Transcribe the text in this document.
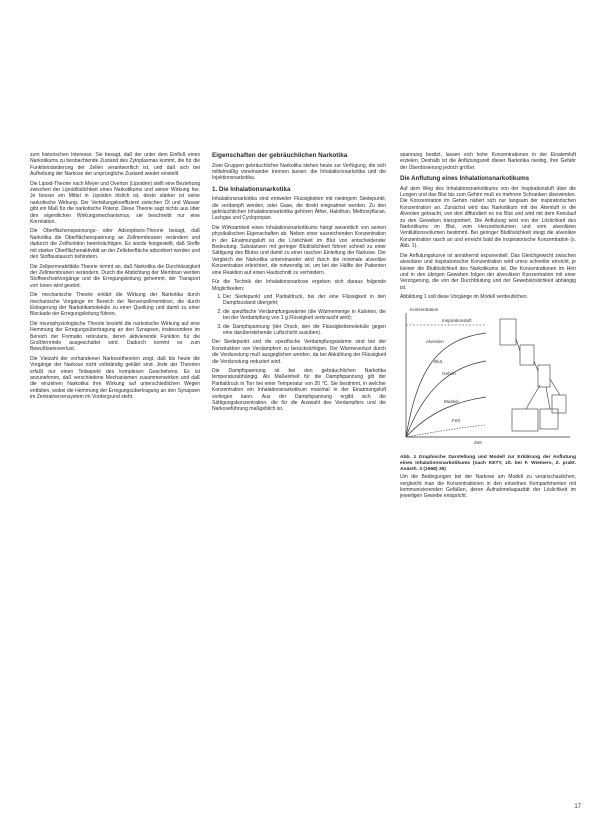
zum historischen Interesse. Sie besagt, daß der unter dem Einfluß eines Narkotikums zu beobachtende Zustand des Zytoplasmas kommt, die für die Funktionsänderung der Zellen verantwortlich ist, und daß sich bei Aufhebung der Narkose der ursprüngliche Zustand wieder einstellt.

Die Lipoid-Theorie nach Meyer und Overton (Lipoiden) stellt eine Beziehung zwischen der Lipoidlöslichkeit eines Narkotikums und seiner Wirkung her. Je besser ein Mittel in Lipoiden löslich ist, desto stärker ist seine narkotische Wirkung. Der Verteilungskoeffizient zwischen Öl und Wasser gibt ein Maß für die narkotische Potenz. Diese Theorie sagt nichts aus über den eigentlichen Wirkungsmechanismus, sie beschreibt nur eine Korrelation.

Die Oberflächenspannungs- oder Adsorptions-Theorie besagt, daß Narkotika die Oberflächenspannung an Zellmembranen verändern und dadurch die Zellfunktion beeinträchtigen. Es wurde festgestellt, daß Stoffe mit starker Oberflächenaktivität an der Zelloberfläche adsorbiert werden und den Stoffaustausch behindern.

Die Zellpermeabilitäts-Theorie nimmt an, daß Narkotika die Durchlässigkeit der Zellmembranen verändern. Durch die Abdichtung der Membran werden Stoffwechselvorgänge und die Erregungsleitung gehemmt, der Transport von Ionen wird gestört.

Die mechanische Theorie erklärt die Wirkung der Narkotika durch mechanische Vorgänge im Bereich der Nervenzellmembran, die durch Einlagerung der Narkotikamoleküle zu einer Quellung und damit zu einer Blockade der Erregungsleitung führen.

Die neurophysiologische Theorie bezieht die narkotische Wirkung auf eine Hemmung der Erregungsübertragung an den Synapsen, insbesondere im Bereich der Formatio reticularis, deren aktivierende Funktion für die Großhirnrinde ausgeschaltet wird. Dadurch kommt es zum Bewußtseinsverlust.

Die Vielzahl der vorhandenen Narkosetheorien zeigt, daß bis heute die Vorgänge der Narkose nicht vollständig geklärt sind. Jede der Theorien erfaßt nur einen Teilaspekt des komplexen Geschehens. Es ist anzunehmen, daß verschiedene Mechanismen zusammenwirken und daß die einzelnen Narkotika ihre Wirkung auf unterschiedlichen Wegen entfalten, wobei die Hemmung der Erregungsübertragung an den Synapsen im Zentralnervensystem im Vordergrund steht.

Eigenschaften der gebräuchlichen Narkotika

Zwei Gruppen gebräuchlicher Narkotika stehen heute zur Verfügung, die sich mittelmäßig voneinander trennen lassen: die Inhalationsnarkotika und die Injektionsnarkotika.

1. Die Inhalationsnarkotika

Inhalationsnarkotika sind entweder Flüssigkeiten mit niedrigem Siedepunkt, die verdampft werden, oder Gase, die direkt eingeatmet werden. Zu den gebräuchlichen Inhalationsnarkotika gehören Äther, Halothan, Methoxyfluran, Lachgas und Cyclopropan.

Die Wirksamkeit eines Inhalationsnarkotikums hängt wesentlich von seinen physikalischen Eigenschaften ab. Neben einer ausreichenden Konzentration in der Einatmungsluft ist die Löslichkeit im Blut von entscheidender Bedeutung. Substanzen mit geringer Blutlöslichkeit führen schnell zu einer Sättigung des Blutes und damit zu einer raschen Einleitung der Narkose. Der Vergleich der Narkotika untereinander wird durch die minimale alveoläre Konzentration erleichtert, die notwendig ist, um bei der Hälfte der Patienten eine Reaktion auf einen Hautschnitt zu verhindern.

Für die Technik der Inhalationsnarkose ergeben sich daraus folgende Möglichkeiten:

1. Der Siedepunkt und Partialdruck, bei der eine Flüssigkeit in den Dampfzustand übergeht;
2. die spezifische Verdampfungswärme (die Wärmemenge in Kalorien, die bei der Verdampfung von 1 g Flüssigkeit verbraucht wird);
3. die Dampfspannung (der Druck, den die Flüssigkeitsmoleküle gegen eine darüberstehende Luftschicht ausüben).

Der Siedepunkt und die spezifische Verdampfungswärme sind bei der Konstruktion von Verdampfern zu berücksichtigen. Der Wärmeverlust durch die Verdunstung muß ausgeglichen werden, da bei Abkühlung der Flüssigkeit die Verdunstung reduziert wird.

Die Dampfspannung ist bei den gebräuchlichen Narkotika temperaturabhängig. Als Maßeinheit für die Dampfspannung gilt der Partialdruck in Torr bei einer Temperatur von 20 °C. Sie bestimmt, in welcher Konzentration ein Inhalationsnarkotikum maximal in der Einatmungsluft vorliegen kann. Aus der Dampfspannung ergibt sich die Sättigungskonzentration, die für die Auswahl des Verdampfers und die Narkoseführung maßgeblich ist.

spannung besitzt, lassen sich hohe Konzentrationen in der Einatemluft erzielen. Deshalb ist die Anflutungszeit dieser Narkotika niedrig, ihre Gefahr der Überdosierung jedoch größer.

Die Anflutung eines Inhalationsnarkotikums

Auf dem Weg des Inhalationsnarkotikums von der Inspirationsluft über die Lungen und das Blut bis zum Gehirn muß es mehrere Schranken überwinden. Die Konzentration im Gehirn nähert sich nur langsam der inspiratorischen Konzentration an. Zunächst wird das Narkotikum mit der Atemluft in die Alveolen gebracht, von dort diffundiert es ins Blut und wird mit dem Kreislauf zu den Geweben transportiert. Die Anflutung wird von der Löslichkeit des Narkotikums im Blut, vom Herzzeitvolumen und vom alveolären Ventilationsvolumen bestimmt. Bei geringer Blutlöslichkeit steigt die alveoläre Konzentration rasch an und erreicht bald die inspiratorische Konzentration (s. Abb. 1).

Die Anflutungskurve ist annähernd exponentiell. Das Gleichgewicht zwischen alveolärer und inspiratorischer Konzentration wird umso schneller erreicht, je kleiner die Blutlöslichkeit des Narkotikums ist. Die Konzentrationen im Hirn und in den übrigen Geweben folgen der alveolären Konzentration mit einer Verzögerung, die von der Durchblutung und der Gewebslöslichkeit abhängig ist.

Abbildung 1 soll diese Vorgänge im Modell verdeutlichen.

Konzentration
Zeit
Inspirationsluft
Alveolen
Blut
Gehirn
Muskel
Fett

Abb. 1 Graphische Darstellung und Modell zur Erklärung der Anflutung eines Inhalationsnarkotikums (nach KETY, zit. bei F. Wiemers, Z. prakt. Anästh. 3 (1968) 36)

Um die Bedingungen bei der Narkose am Modell zu veranschaulichen, vergleicht man die Konzentrationen in den einzelnen Kompartimenten mit kommunizierenden Gefäßen, deren Aufnahmekapazität der Löslichkeit im jeweiligen Gewebe entspricht.

17
